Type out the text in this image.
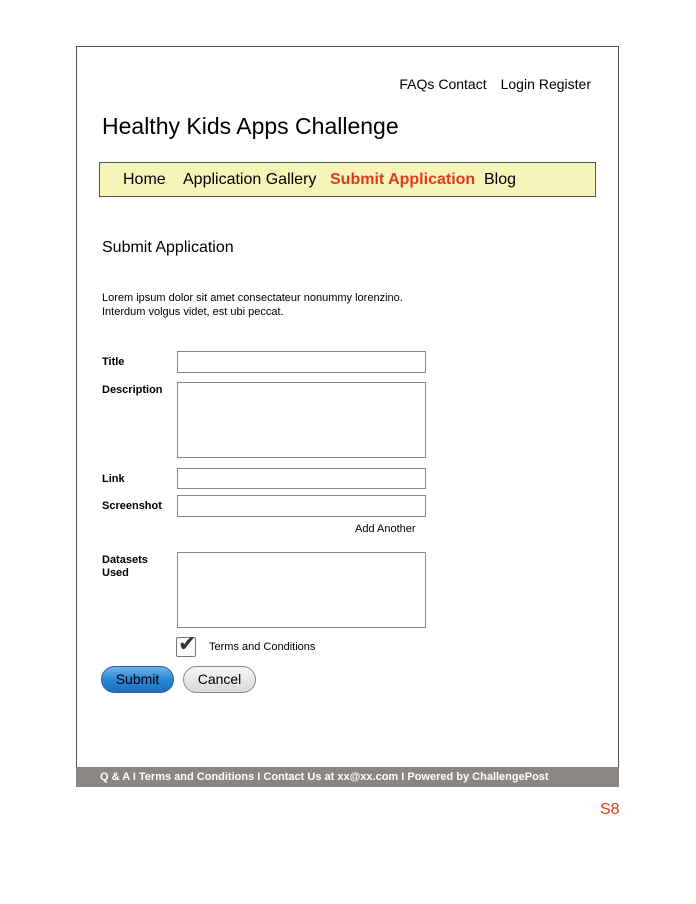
FAQs Contact Login Register
Healthy Kids Apps Challenge
Home Application Gallery Submit Application Blog
Submit Application
Lorem ipsum dolor sit amet consectateur nonummy lorenzino.
Interdum volgus videt, est ubi peccat.
Title
Description
Link
Screenshot
Add Another
Datasets
Used
✔ Terms and Conditions
Submit	Cancel
Q & A I Terms and Conditions I Contact Us at xx@xx.com I Powered by ChallengePost
S8
